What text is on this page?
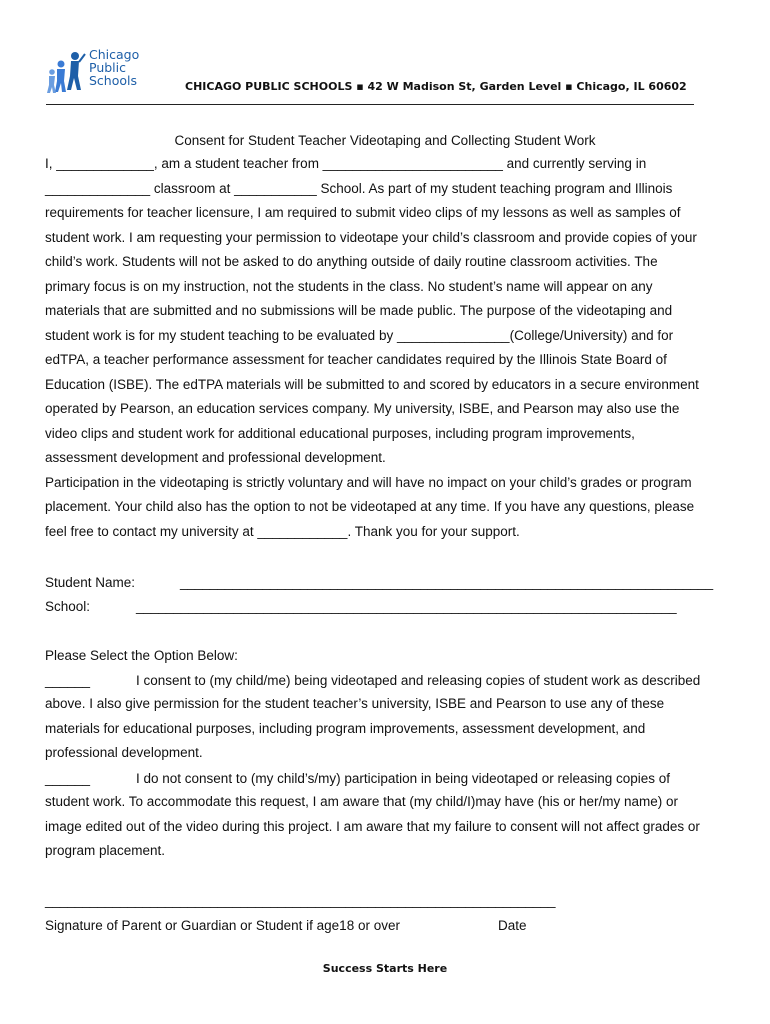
Chicago
Public
Schools	CHICAGO PUBLIC SCHOOLS ▪ 42 W Madison St, Garden Level ▪ Chicago, IL 60602
Consent for Student Teacher Videotaping and Collecting Student Work

I, _____________, am a student teacher from ________________________ and currently serving in

______________ classroom at ___________ School. As part of my student teaching program and Illinois

requirements for teacher licensure, I am required to submit video clips of my lessons as well as samples of

student work. I am requesting your permission to videotape your child’s classroom and provide copies of your

child’s work. Students will not be asked to do anything outside of daily routine classroom activities. The

primary focus is on my instruction, not the students in the class. No student’s name will appear on any

materials that are submitted and no submissions will be made public. The purpose of the videotaping and

student work is for my student teaching to be evaluated by _______________(College/University) and for

edTPA, a teacher performance assessment for teacher candidates required by the Illinois State Board of

Education (ISBE). The edTPA materials will be submitted to and scored by educators in a secure environment

operated by Pearson, an education services company. My university, ISBE, and Pearson may also use the

video clips and student work for additional educational purposes, including program improvements,

assessment development and professional development.

Participation in the videotaping is strictly voluntary and will have no impact on your child’s grades or program

placement. Your child also has the option to not be videotaped at any time. If you have any questions, please

feel free to contact my university at ____________. Thank you for your support.

Student Name:	_______________________________________________________________________
School:	________________________________________________________________________
Please Select the Option Below:
______	I consent to (my child/me) being videotaped and releasing copies of student work as described

above. I also give permission for the student teacher’s university, ISBE and Pearson to use any of these

materials for educational purposes, including program improvements, assessment development, and

professional development.

______	I do not consent to (my child’s/my) participation in being videotaped or releasing copies of

student work. To accommodate this request, I am aware that (my child/I)may have (his or her/my name) or

image edited out of the video during this project. I am aware that my failure to consent will not affect grades or

program placement.

____________________________________________________________________
Signature of Parent or Guardian or Student if age18 or over	Date
Success Starts Here
